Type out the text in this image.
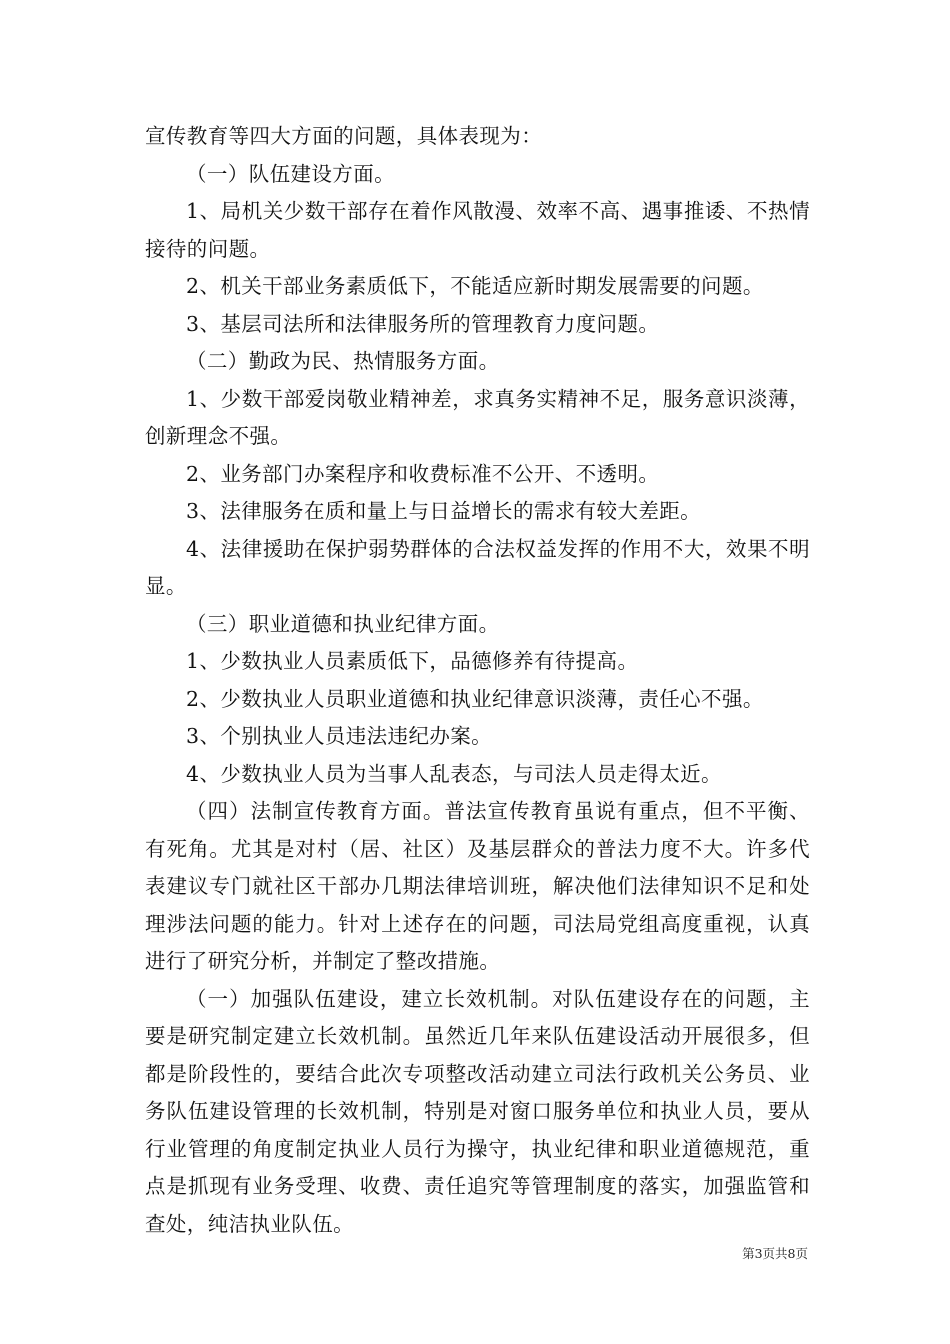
宣传教育等四大方面的问题，具体表现为：

（一）队伍建设方面。

1、局机关少数干部存在着作风散漫、效率不高、遇事推诿、不热情接待的问题。

2、机关干部业务素质低下，不能适应新时期发展需要的问题。

3、基层司法所和法律服务所的管理教育力度问题。

（二）勤政为民、热情服务方面。

1、少数干部爱岗敬业精神差，求真务实精神不足，服务意识淡薄，创新理念不强。

2、业务部门办案程序和收费标准不公开、不透明。

3、法律服务在质和量上与日益增长的需求有较大差距。

4、法律援助在保护弱势群体的合法权益发挥的作用不大，效果不明显。

（三）职业道德和执业纪律方面。

1、少数执业人员素质低下，品德修养有待提高。

2、少数执业人员职业道德和执业纪律意识淡薄，责任心不强。

3、个别执业人员违法违纪办案。

4、少数执业人员为当事人乱表态，与司法人员走得太近。

（四）法制宣传教育方面。普法宣传教育虽说有重点，但不平衡、有死角。尤其是对村（居、社区）及基层群众的普法力度不大。许多代表建议专门就社区干部办几期法律培训班，解决他们法律知识不足和处理涉法问题的能力。针对上述存在的问题，司法局党组高度重视，认真进行了研究分析，并制定了整改措施。

（一）加强队伍建设，建立长效机制。对队伍建设存在的问题，主要是研究制定建立长效机制。虽然近几年来队伍建设活动开展很多，但都是阶段性的，要结合此次专项整改活动建立司法行政机关公务员、业务队伍建设管理的长效机制，特别是对窗口服务单位和执业人员，要从行业管理的角度制定执业人员行为操守，执业纪律和职业道德规范，重点是抓现有业务受理、收费、责任追究等管理制度的落实，加强监管和查处，纯洁执业队伍。

第3页共8页
